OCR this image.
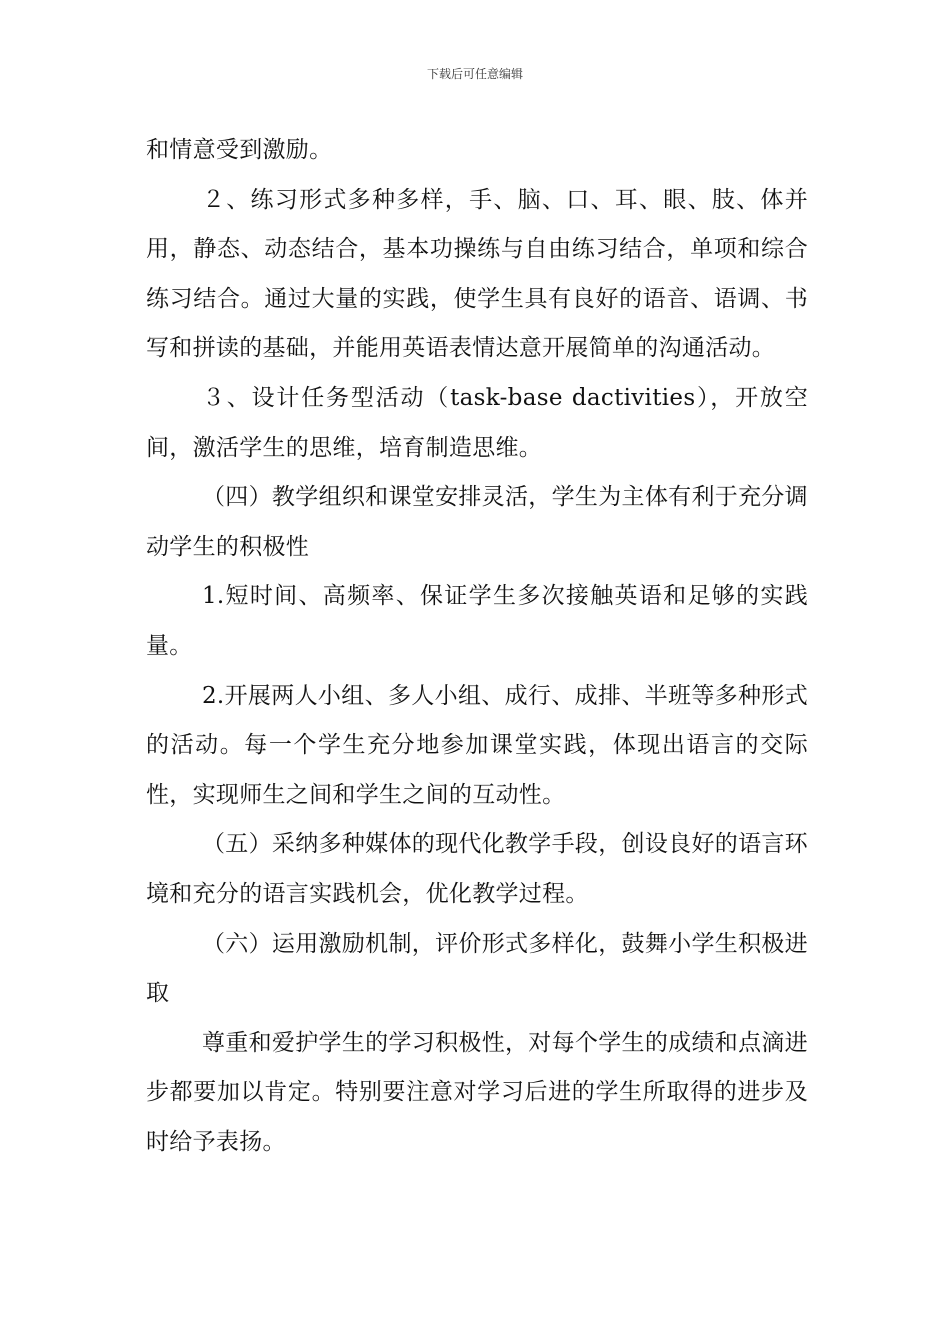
下载后可任意编辑

和情意受到激励。

２、练习形式多种多样，手、脑、口、耳、眼、肢、体并用，静态、动态结合，基本功操练与自由练习结合，单项和综合练习结合。通过大量的实践，使学生具有良好的语音、语调、书写和拼读的基础，并能用英语表情达意开展简单的沟通活动。

３、设计任务型活动（task-base dactivities），开放空间，激活学生的思维，培育制造思维。

（四）教学组织和课堂安排灵活，学生为主体有利于充分调动学生的积极性

1.短时间、高频率、保证学生多次接触英语和足够的实践量。

2.开展两人小组、多人小组、成行、成排、半班等多种形式的活动。每一个学生充分地参加课堂实践，体现出语言的交际性，实现师生之间和学生之间的互动性。

（五）采纳多种媒体的现代化教学手段，创设良好的语言环境和充分的语言实践机会，优化教学过程。

（六）运用激励机制，评价形式多样化，鼓舞小学生积极进取

尊重和爱护学生的学习积极性，对每个学生的成绩和点滴进步都要加以肯定。特别要注意对学习后进的学生所取得的进步及时给予表扬。
